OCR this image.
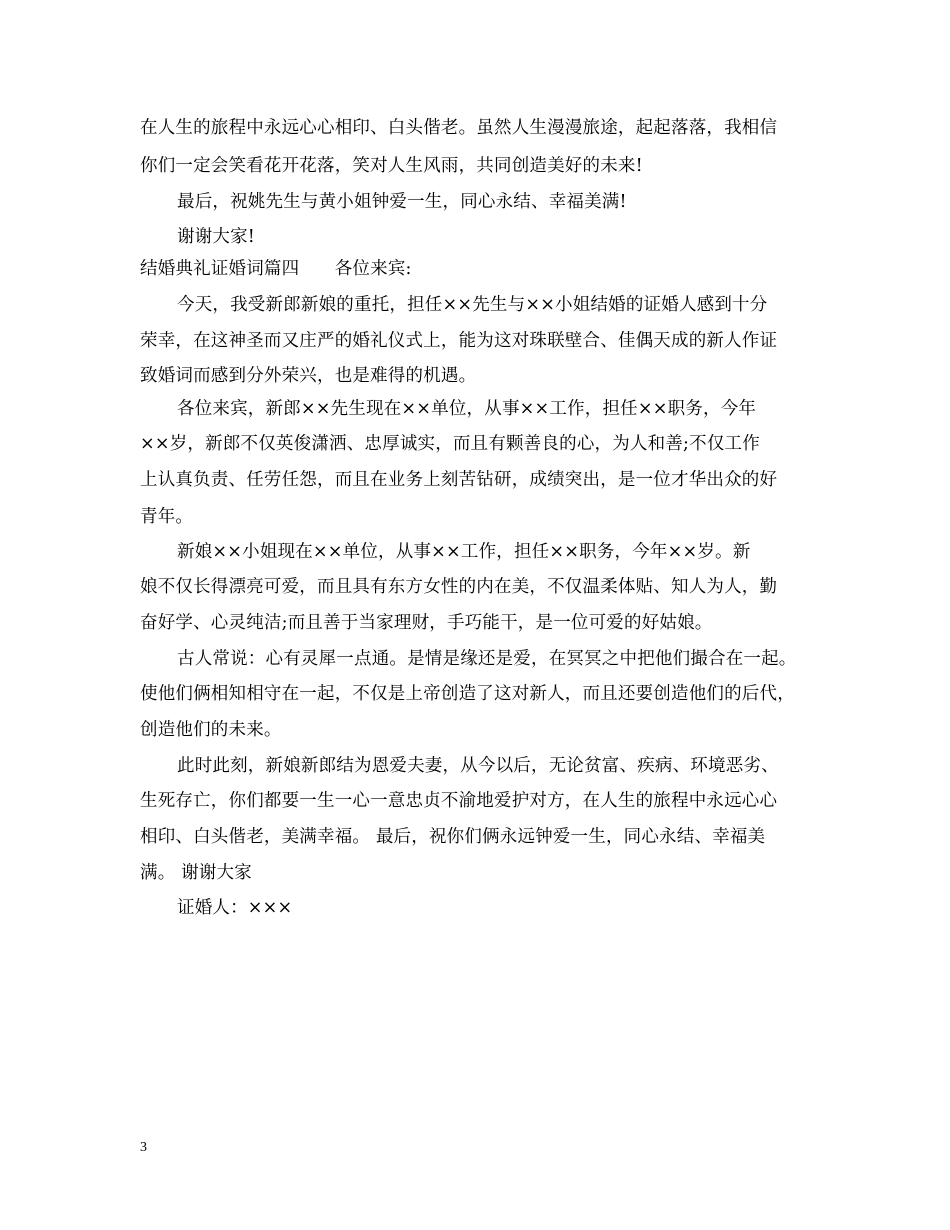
在人生的旅程中永远心心相印、白头偕老。虽然人生漫漫旅途，起起落落，我相信
你们一定会笑看花开花落，笑对人生风雨，共同创造美好的未来!
最后，祝姚先生与黄小姐钟爱一生，同心永结、幸福美满!
谢谢大家!
结婚典礼证婚词篇四　　各位来宾:
今天，我受新郎新娘的重托，担任××先生与××小姐结婚的证婚人感到十分
荣幸，在这神圣而又庄严的婚礼仪式上，能为这对珠联壁合、佳偶天成的新人作证
致婚词而感到分外荣兴，也是难得的机遇。
各位来宾，新郎××先生现在××单位，从事××工作，担任××职务，今年
××岁，新郎不仅英俊潇洒、忠厚诚实，而且有颗善良的心，为人和善;不仅工作
上认真负责、任劳任怨，而且在业务上刻苦钻研，成绩突出，是一位才华出众的好
青年。
新娘××小姐现在××单位，从事××工作，担任××职务，今年××岁。新
娘不仅长得漂亮可爱，而且具有东方女性的内在美，不仅温柔体贴、知人为人，勤
奋好学、心灵纯洁;而且善于当家理财，手巧能干，是一位可爱的好姑娘。
古人常说：心有灵犀一点通。是情是缘还是爱，在冥冥之中把他们撮合在一起。
使他们俩相知相守在一起，不仅是上帝创造了这对新人，而且还要创造他们的后代，
创造他们的未来。
此时此刻，新娘新郎结为恩爱夫妻，从今以后，无论贫富、疾病、环境恶劣、
生死存亡，你们都要一生一心一意忠贞不渝地爱护对方，在人生的旅程中永远心心
相印、白头偕老，美满幸福。 最后，祝你们俩永远钟爱一生，同心永结、幸福美
满。 谢谢大家
证婚人：×××
3
